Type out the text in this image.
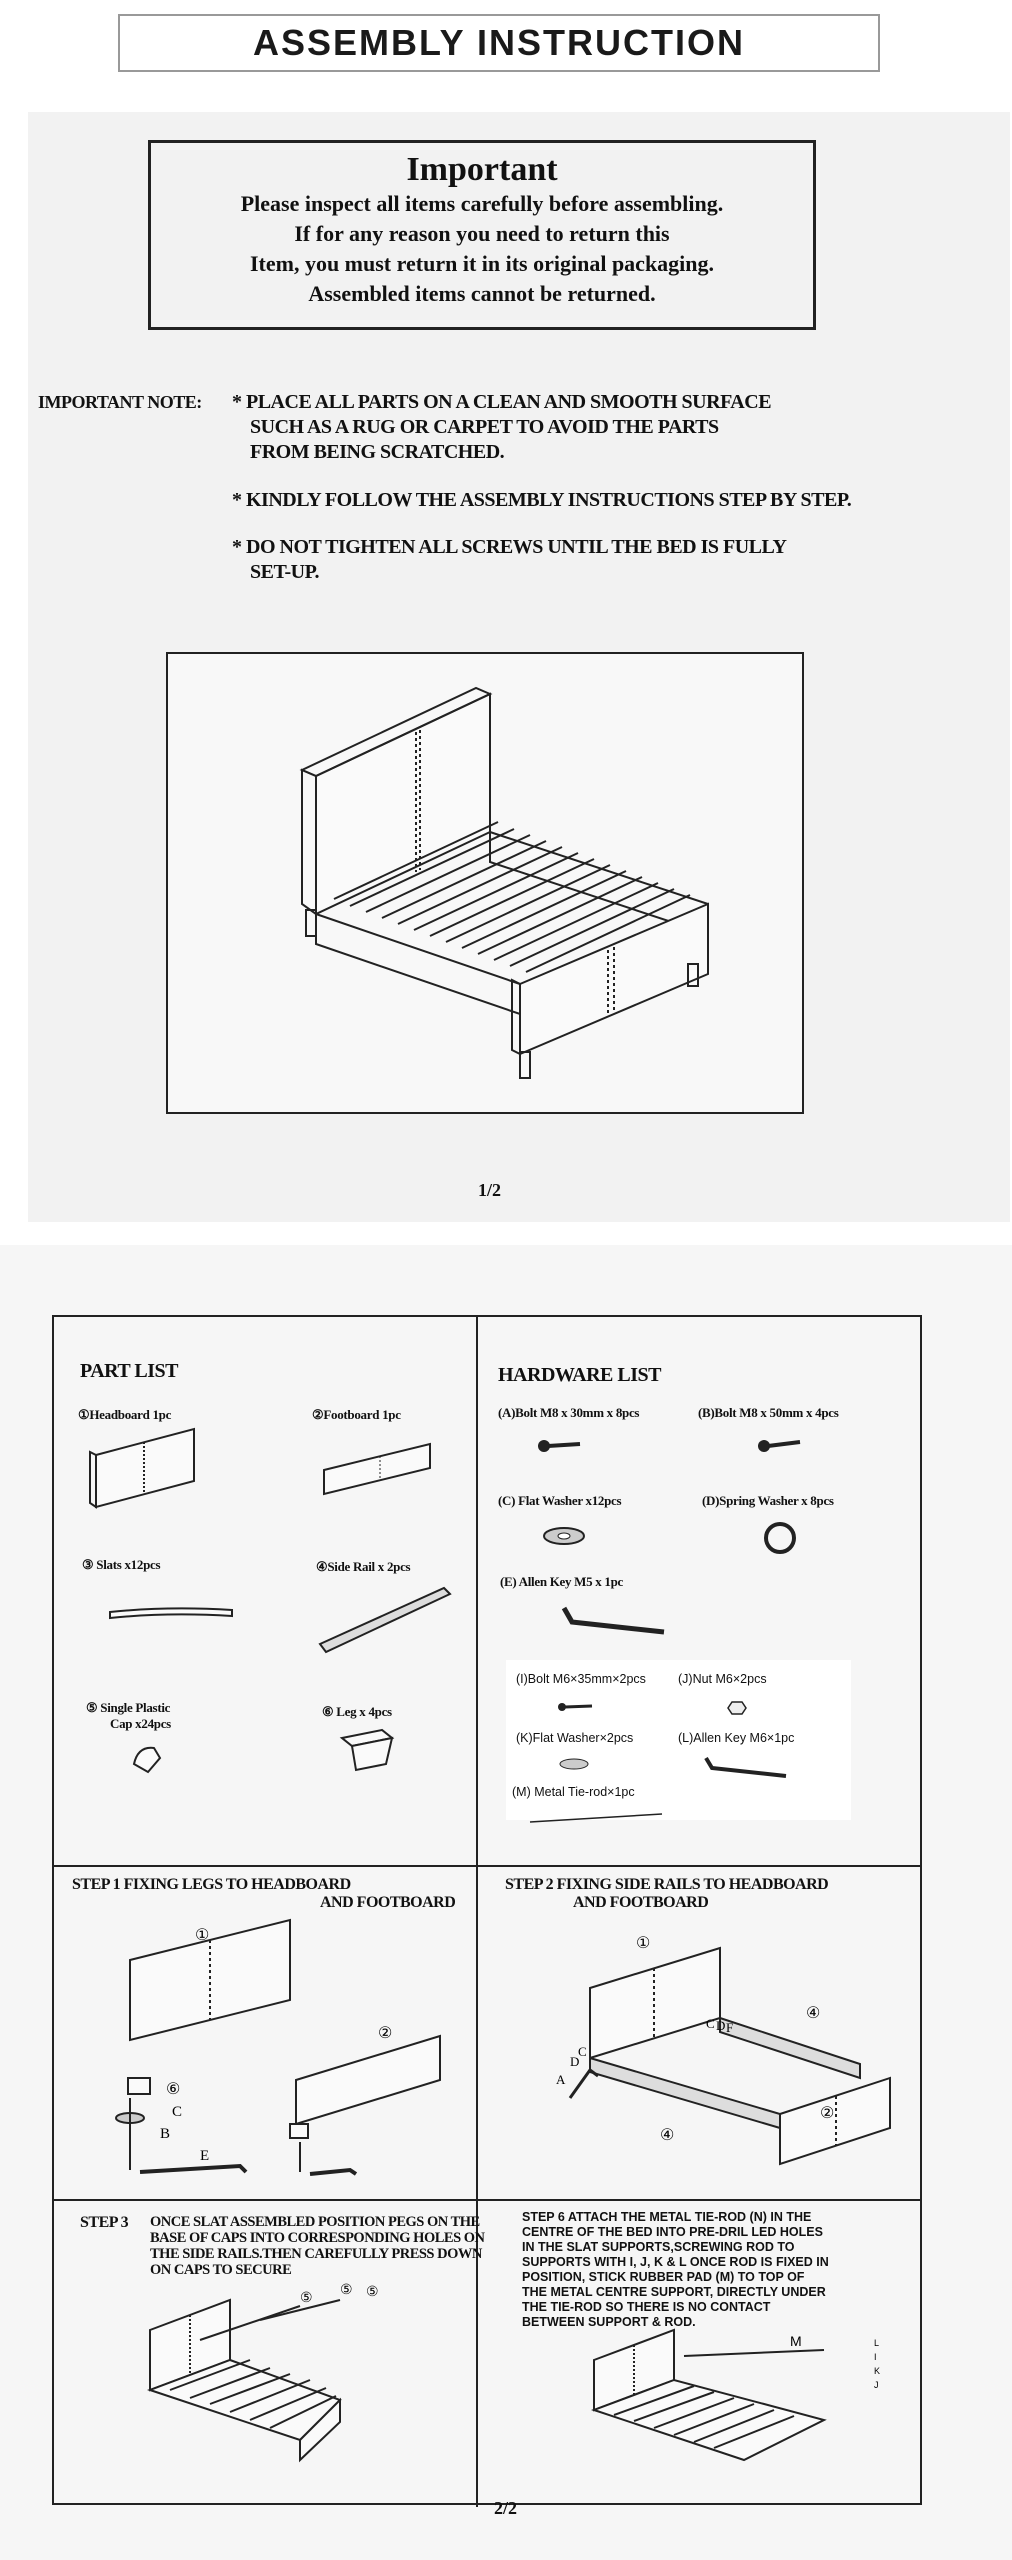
ASSEMBLY INSTRUCTION
Important
Please inspect all items carefully before assembling.
If for any reason you need to return this
Item, you must return it in its original packaging.
Assembled items cannot be returned.
IMPORTANT NOTE: * PLACE ALL PARTS ON A CLEAN AND SMOOTH SURFACE
SUCH AS A RUG OR CARPET TO AVOID THE PARTS
FROM BEING SCRATCHED.
* KINDLY FOLLOW THE ASSEMBLY INSTRUCTIONS STEP BY STEP.
* DO NOT TIGHTEN ALL SCREWS UNTIL THE BED IS FULLY
SET-UP.
1/2
PART LIST
①Headboard 1pc	②Footboard 1pc
③ Slats x12pcs	④Side Rail x 2pcs
⑤ Single Plastic
Cap x24pcs
⑥ Leg x 4pcs
HARDWARE LIST
(A)Bolt M8 x 30mm x 8pcs	(B)Bolt M8 x 50mm x 4pcs
(C) Flat Washer x12pcs	(D)Spring Washer x 8pcs
(E) Allen Key M5 x 1pc
(I)Bolt M6×35mm×2pcs	(J)Nut M6×2pcs
(K)Flat Washer×2pcs	(L)Allen Key M6×1pc
(M) Metal Tie-rod×1pc
STEP 1 FIXING LEGS TO HEADBOARD
AND FOOTBOARD
①
②
⑥
C
B
E
STEP 2 FIXING SIDE RAILS TO HEADBOARD
AND FOOTBOARD
①
④
④
②
A
D
C
C D F
STEP 3 ONCE SLAT ASSEMBLED POSITION PEGS ON THE
BASE OF CAPS INTO CORRESPONDING HOLES ON
THE SIDE RAILS.THEN CAREFULLY PRESS DOWN
ON CAPS TO SECURE
⑤
⑤ ⑤
STEP 6 ATTACH THE METAL TIE-ROD (N) IN THE
CENTRE OF THE BED INTO PRE-DRIL LED HOLES
IN THE SLAT SUPPORTS,SCREWING ROD TO
SUPPORTS WITH I, J, K & L ONCE ROD IS FIXED IN
POSITION, STICK RUBBER PAD (M) TO TOP OF
THE METAL CENTRE SUPPORT, DIRECTLY UNDER
THE TIE-ROD SO THERE IS NO CONTACT
BETWEEN SUPPORT & ROD.
M	L
I
K
J
2/2
